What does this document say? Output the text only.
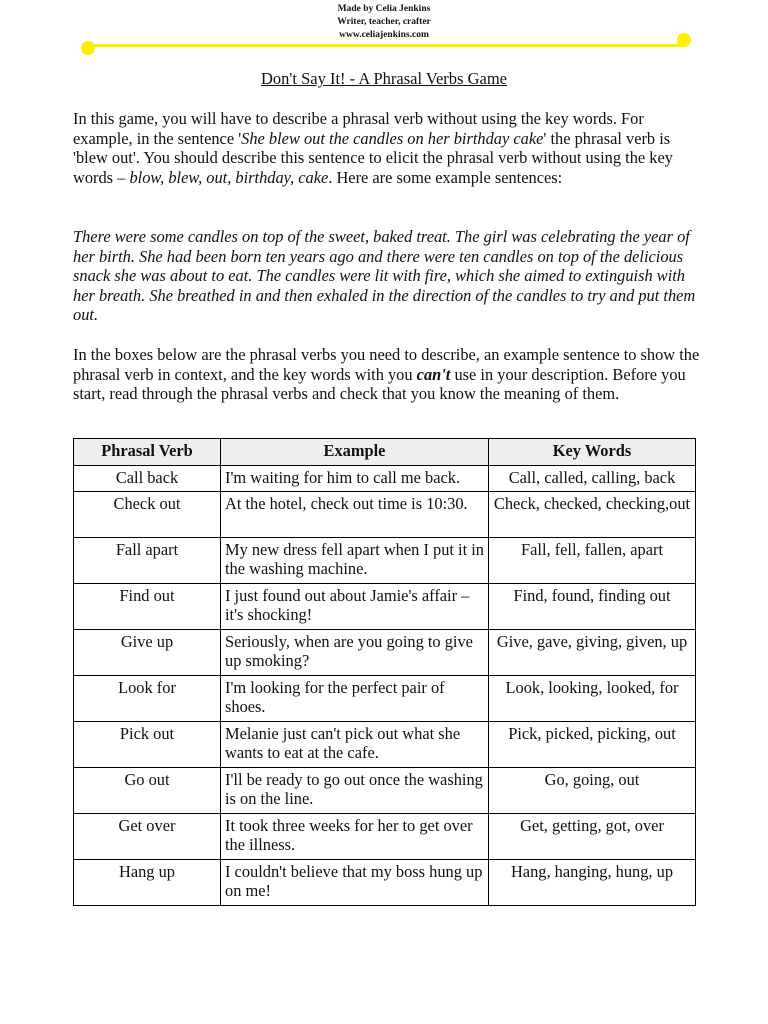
Made by Celia Jenkins
Writer, teacher, crafter
www.celiajenkins.com
Don't Say It! - A Phrasal Verbs Game

In this game, you will have to describe a phrasal verb without using the key words. For example, in the sentence 'She blew out the candles on her birthday cake' the phrasal verb is 'blew out'. You should describe this sentence to elicit the phrasal verb without using the key words – blow, blew, out, birthday, cake. Here are some example sentences:

There were some candles on top of the sweet, baked treat. The girl was celebrating the year of her birth. She had been born ten years ago and there were ten candles on top of the delicious snack she was about to eat. The candles were lit with fire, which she aimed to extinguish with her breath. She breathed in and then exhaled in the direction of the candles to try and put them out.

In the boxes below are the phrasal verbs you need to describe, an example sentence to show the phrasal verb in context, and the key words with you can't use in your description. Before you start, read through the phrasal verbs and check that you know the meaning of them.

Phrasal Verb	Example	Key Words
Call back	I'm waiting for him to call me back.	Call, called, calling, back
Check out	At the hotel, check out time is 10:30.	Check, checked, checking,out
Fall apart	My new dress fell apart when I put it in the washing machine.	Fall, fell, fallen, apart
Find out	I just found out about Jamie's affair – it's shocking!	Find, found, finding out
Give up	Seriously, when are you going to give up smoking?	Give, gave, giving, given, up
Look for	I'm looking for the perfect pair of shoes.	Look, looking, looked, for
Pick out	Melanie just can't pick out what she wants to eat at the cafe.	Pick, picked, picking, out
Go out	I'll be ready to go out once the washing is on the line.	Go, going, out
Get over	It took three weeks for her to get over the illness.	Get, getting, got, over
Hang up	I couldn't believe that my boss hung up on me!	Hang, hanging, hung, up
